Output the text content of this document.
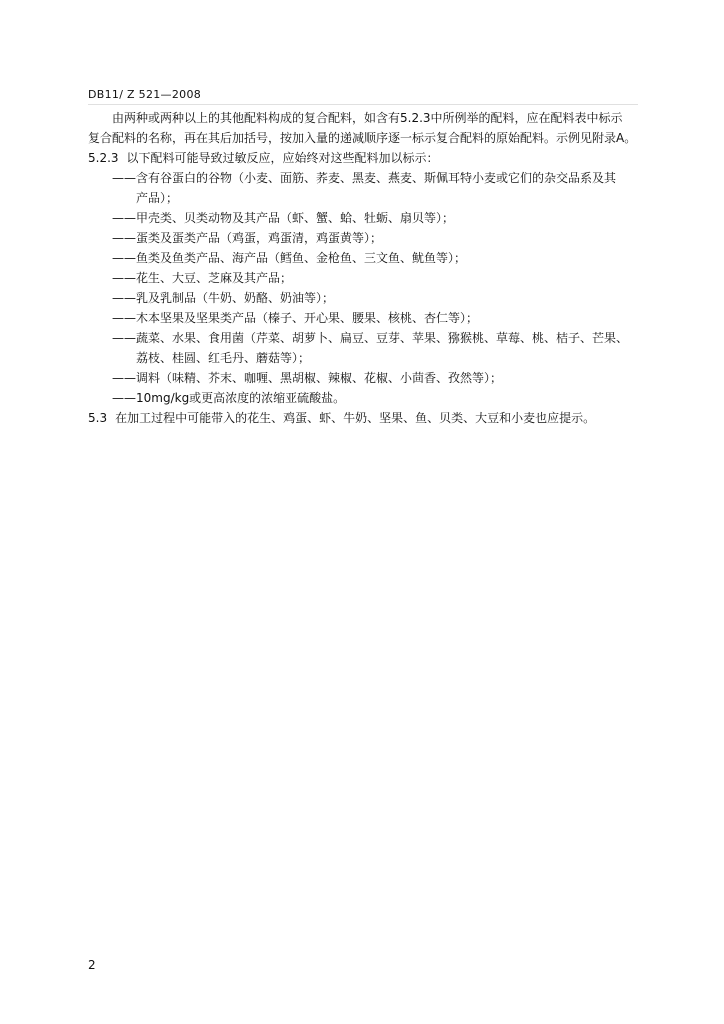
DB11/ Z 521—2008
由两种或两种以上的其他配料构成的复合配料，如含有5.2.3中所例举的配料，应在配料表中标示
复合配料的名称，再在其后加括号，按加入量的递减顺序逐一标示复合配料的原始配料。示例见附录A。
5.2.3 以下配料可能导致过敏反应，应始终对这些配料加以标示：
——含有谷蛋白的谷物（小麦、面筋、荞麦、黑麦、燕麦、斯佩耳特小麦或它们的杂交品系及其
产品）；
——甲壳类、贝类动物及其产品（虾、蟹、蛤、牡蛎、扇贝等）；
——蛋类及蛋类产品（鸡蛋，鸡蛋清，鸡蛋黄等）；
——鱼类及鱼类产品、海产品（鳕鱼、金枪鱼、三文鱼、鱿鱼等）；
——花生、大豆、芝麻及其产品；
——乳及乳制品（牛奶、奶酪、奶油等）；
——木本坚果及坚果类产品（榛子、开心果、腰果、核桃、杏仁等）；
——蔬菜、水果、食用菌（芹菜、胡萝卜、扁豆、豆芽、苹果、猕猴桃、草莓、桃、桔子、芒果、
荔枝、桂圆、红毛丹、蘑菇等）；
——调料（味精、芥末、咖喱、黑胡椒、辣椒、花椒、小茴香、孜然等）；
——10mg/kg或更高浓度的浓缩亚硫酸盐。
5.3 在加工过程中可能带入的花生、鸡蛋、虾、牛奶、坚果、鱼、贝类、大豆和小麦也应提示。
2
